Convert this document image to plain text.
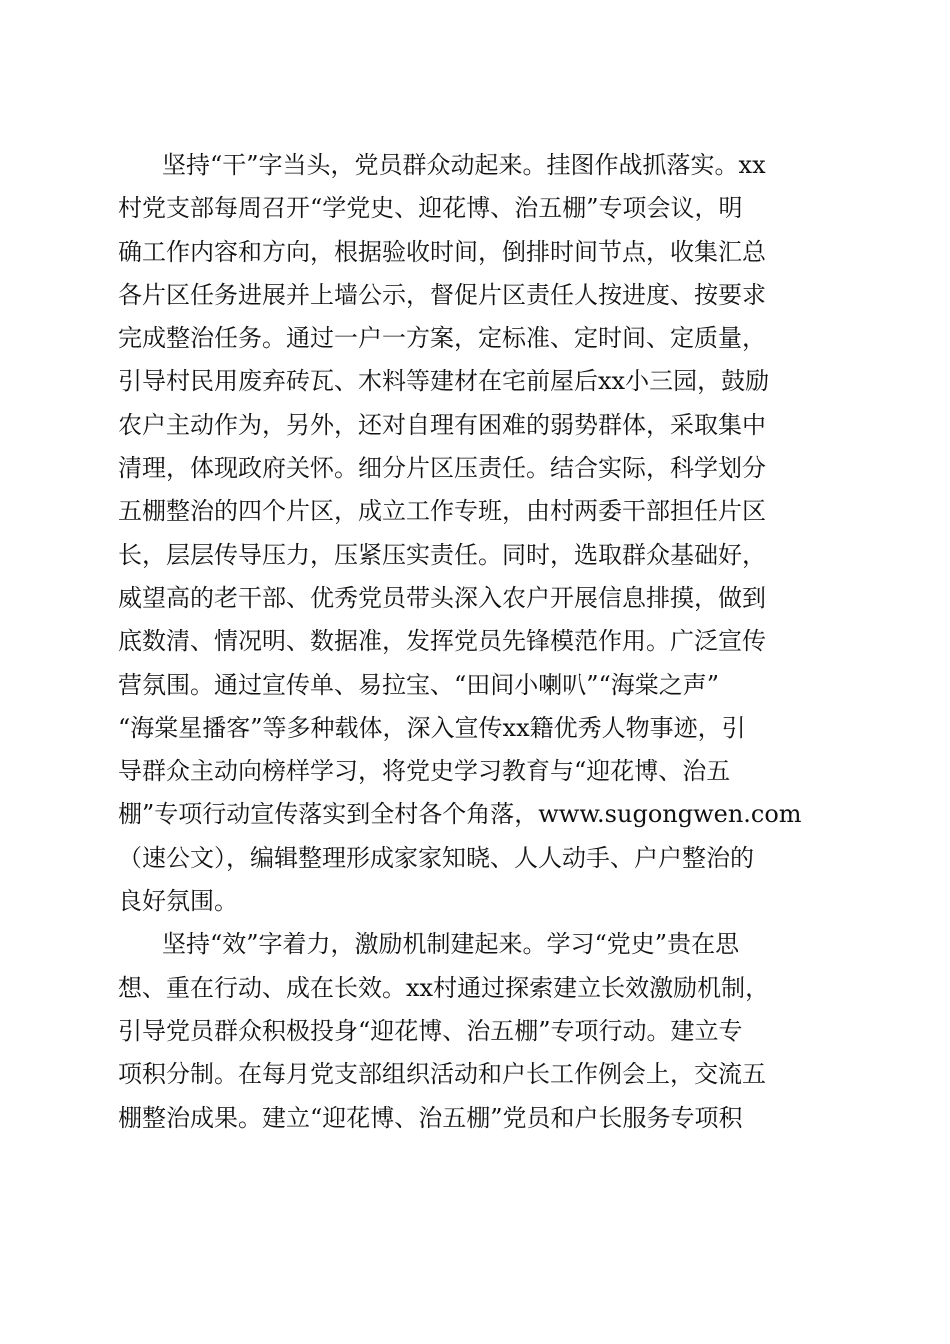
坚持“干”字当头，党员群众动起来。挂图作战抓落实。xx
村党支部每周召开“学党史、迎花博、治五棚”专项会议，明
确工作内容和方向，根据验收时间，倒排时间节点，收集汇总
各片区任务进展并上墙公示，督促片区责任人按进度、按要求
完成整治任务。通过一户一方案，定标准、定时间、定质量，
引导村民用废弃砖瓦、木料等建材在宅前屋后xx小三园，鼓励
农户主动作为，另外，还对自理有困难的弱势群体，采取集中
清理，体现政府关怀。细分片区压责任。结合实际，科学划分
五棚整治的四个片区，成立工作专班，由村两委干部担任片区
长，层层传导压力，压紧压实责任。同时，选取群众基础好，
威望高的老干部、优秀党员带头深入农户开展信息排摸，做到
底数清、情况明、数据准，发挥党员先锋模范作用。广泛宣传
营氛围。通过宣传单、易拉宝、“田间小喇叭”“海棠之声”
“海棠星播客”等多种载体，深入宣传xx籍优秀人物事迹，引
导群众主动向榜样学习，将党史学习教育与“迎花博、治五
棚”专项行动宣传落实到全村各个角落，www.sugongwen.com
（速公文），编辑整理形成家家知晓、人人动手、户户整治的
良好氛围。
坚持“效”字着力，激励机制建起来。学习“党史”贵在思
想、重在行动、成在长效。xx村通过探索建立长效激励机制，
引导党员群众积极投身“迎花博、治五棚”专项行动。建立专
项积分制。在每月党支部组织活动和户长工作例会上，交流五
棚整治成果。建立“迎花博、治五棚”党员和户长服务专项积
